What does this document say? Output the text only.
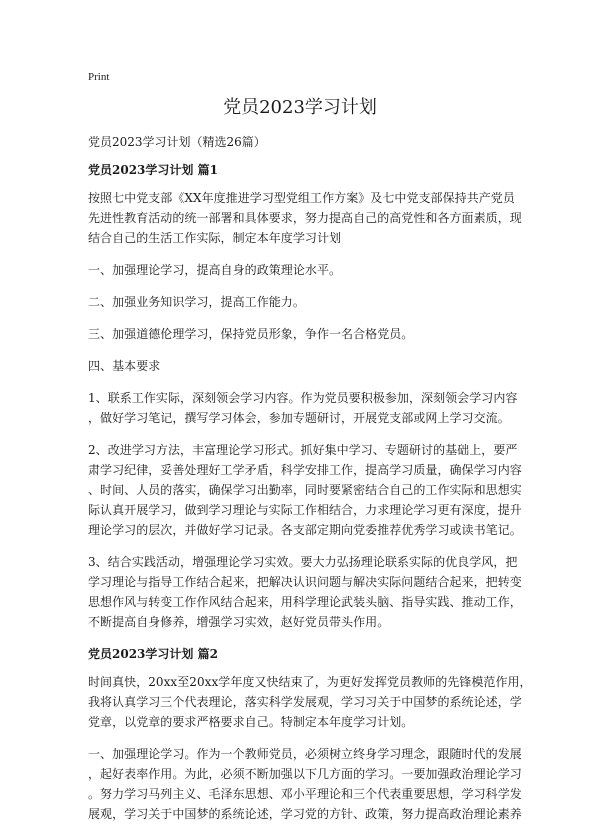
Print
党员2023学习计划

党员2023学习计划（精选26篇）

党员2023学习计划 篇1

按照七中党支部《XX年度推进学习型党组工作方案》及七中党支部保持共产党员
先进性教育活动的统一部署和具体要求，努力提高自己的高党性和各方面素质，现
结合自己的生活工作实际，制定本年度学习计划

一、加强理论学习，提高自身的政策理论水平。

二、加强业务知识学习，提高工作能力。

三、加强道德伦理学习，保持党员形象，争作一名合格党员。

四、基本要求

1、联系工作实际，深刻领会学习内容。作为党员要积极参加，深刻领会学习内容
，做好学习笔记，撰写学习体会，参加专题研讨，开展党支部或网上学习交流。

2、改进学习方法，丰富理论学习形式。抓好集中学习、专题研讨的基础上，要严
肃学习纪律，妥善处理好工学矛盾，科学安排工作，提高学习质量，确保学习内容
、时间、人员的落实，确保学习出勤率，同时要紧密结合自己的工作实际和思想实
际认真开展学习，做到学习理论与实际工作相结合，力求理论学习更有深度，提升
理论学习的层次，并做好学习记录。各支部定期向党委推荐优秀学习或读书笔记。

3、结合实践活动，增强理论学习实效。要大力弘扬理论联系实际的优良学风，把
学习理论与指导工作结合起来，把解决认识问题与解决实际问题结合起来，把转变
思想作风与转变工作作风结合起来，用科学理论武装头脑、指导实践、推动工作，
不断提高自身修养，增强学习实效，赵好党员带头作用。

党员2023学习计划 篇2

时间真快，20xx至20xx学年度又快结束了，为更好发挥党员教师的先锋模范作用，
我将认真学习三个代表理论，落实科学发展观，学习习关于中国梦的系统论述，学
党章，以党章的要求严格要求自己。特制定本年度学习计划。

一、加强理论学习。作为一个教师党员，必须树立终身学习理念，跟随时代的发展
，起好表率作用。为此，必须不断加强以下几方面的学习。一要加强政治理论学习
。努力学习马列主义、毛泽东思想、邓小平理论和三个代表重要思想，学习科学发
展观，学习关于中国梦的系统论述，学习党的方针、政策，努力提高政治理论素养
